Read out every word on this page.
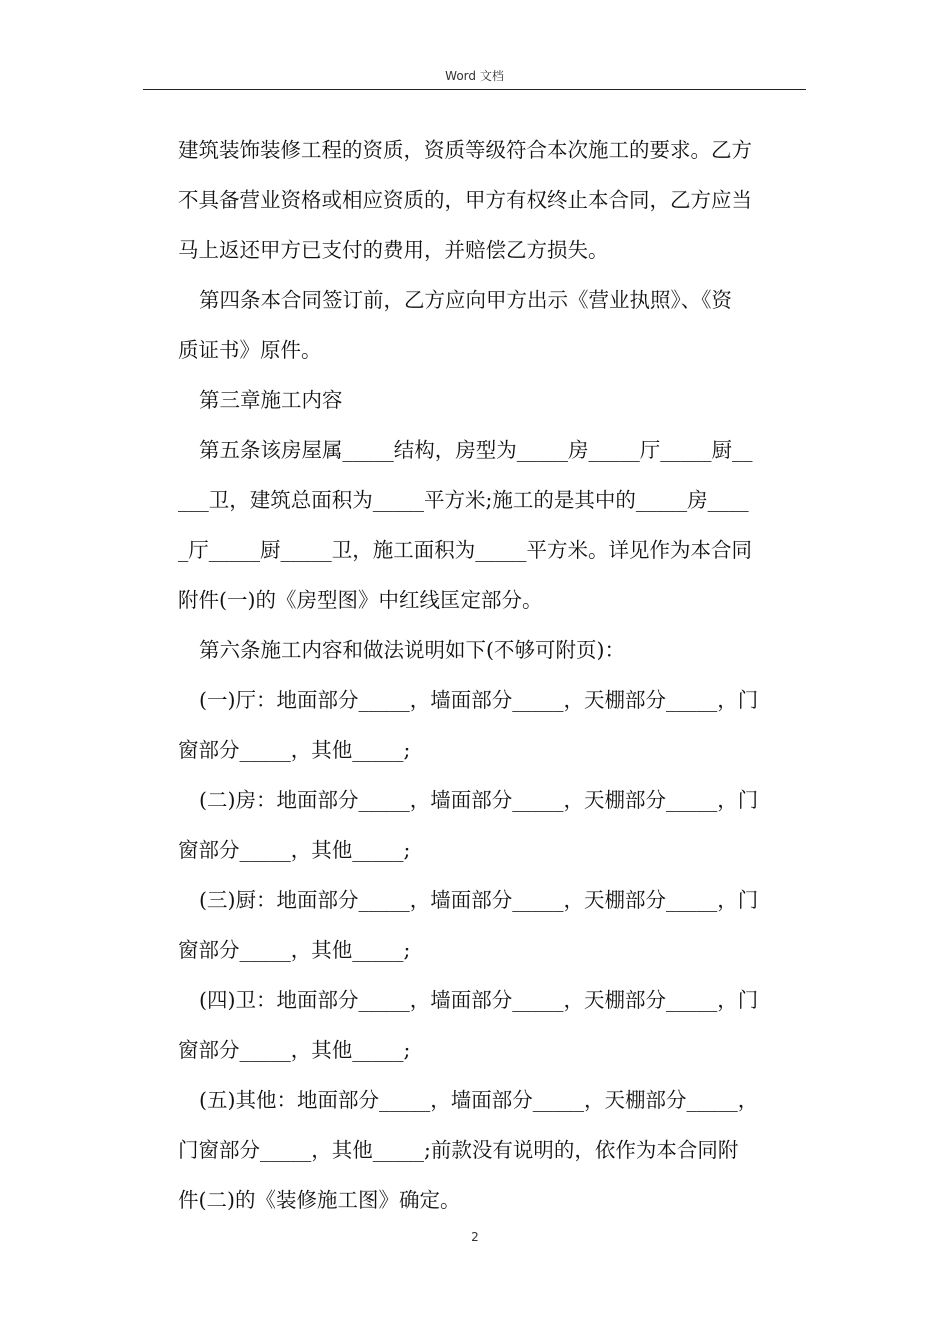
Word 文档

建筑装饰装修工程的资质，资质等级符合本次施工的要求。乙方

不具备营业资格或相应资质的，甲方有权终止本合同，乙方应当

马上返还甲方已支付的费用，并赔偿乙方损失。

第四条本合同签订前，乙方应向甲方出示《营业执照》、《资

质证书》原件。

第三章施工内容

第五条该房屋属_____结构，房型为_____房_____厅_____厨__

___卫，建筑总面积为_____平方米;施工的是其中的_____房____

_厅_____厨_____卫，施工面积为_____平方米。详见作为本合同

附件(一)的《房型图》中红线匡定部分。

第六条施工内容和做法说明如下(不够可附页)：

(一)厅：地面部分_____，墙面部分_____，天棚部分_____，门

窗部分_____，其他_____;

(二)房：地面部分_____，墙面部分_____，天棚部分_____，门

窗部分_____，其他_____;

(三)厨：地面部分_____，墙面部分_____，天棚部分_____，门

窗部分_____，其他_____;

(四)卫：地面部分_____，墙面部分_____，天棚部分_____，门

窗部分_____，其他_____;

(五)其他：地面部分_____，墙面部分_____，天棚部分_____，

门窗部分_____，其他_____;前款没有说明的，依作为本合同附

件(二)的《装修施工图》确定。

2
